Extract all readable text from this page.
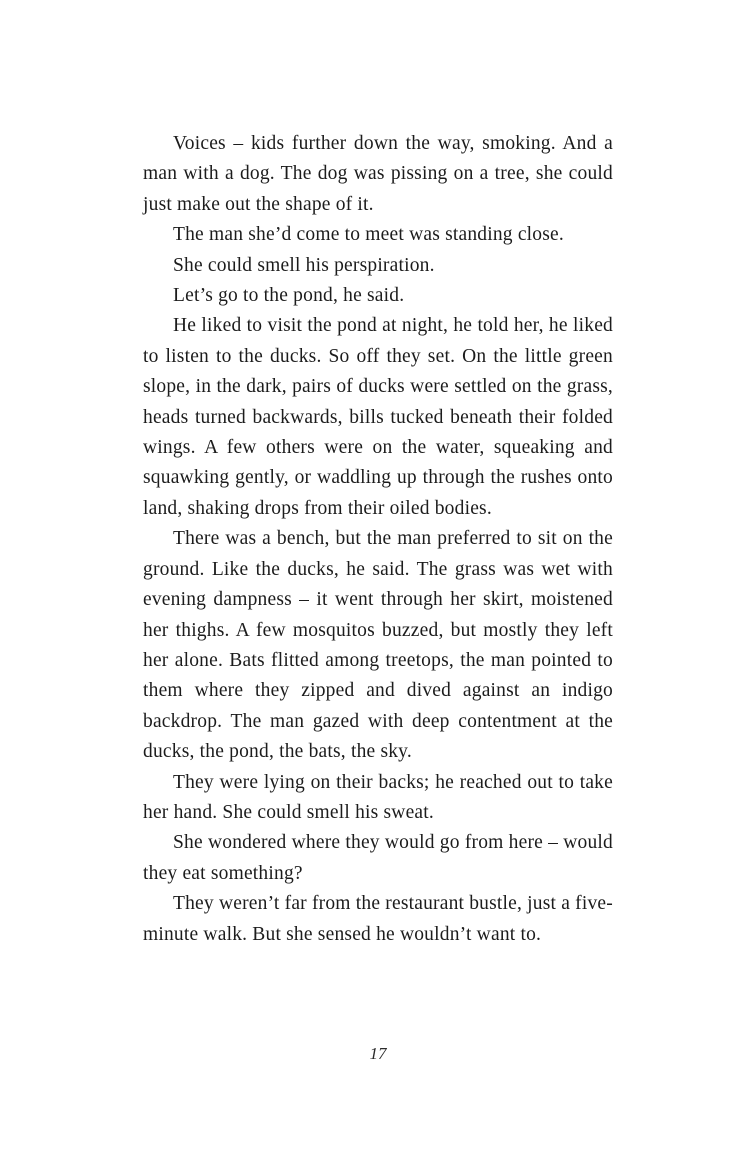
Voices – kids further down the way, smoking. And a man with a dog. The dog was pissing on a tree, she could just make out the shape of it.

The man she’d come to meet was standing close.

She could smell his perspiration.

Let’s go to the pond, he said.

He liked to visit the pond at night, he told her, he liked to listen to the ducks. So off they set. On the little green slope, in the dark, pairs of ducks were settled on the grass, heads turned backwards, bills tucked beneath their folded wings. A few others were on the water, squeaking and squawking gently, or waddling up through the rushes onto land, shaking drops from their oiled bodies.

There was a bench, but the man preferred to sit on the ground. Like the ducks, he said. The grass was wet with evening dampness – it went through her skirt, moistened her thighs. A few mosquitos buzzed, but mostly they left her alone. Bats flitted among treetops, the man pointed to them where they zipped and dived against an indigo backdrop. The man gazed with deep contentment at the ducks, the pond, the bats, the sky.

They were lying on their backs; he reached out to take her hand. She could smell his sweat.

She wondered where they would go from here – would they eat something?

They weren’t far from the restaurant bustle, just a five-minute walk. But she sensed he wouldn’t want to.

17
